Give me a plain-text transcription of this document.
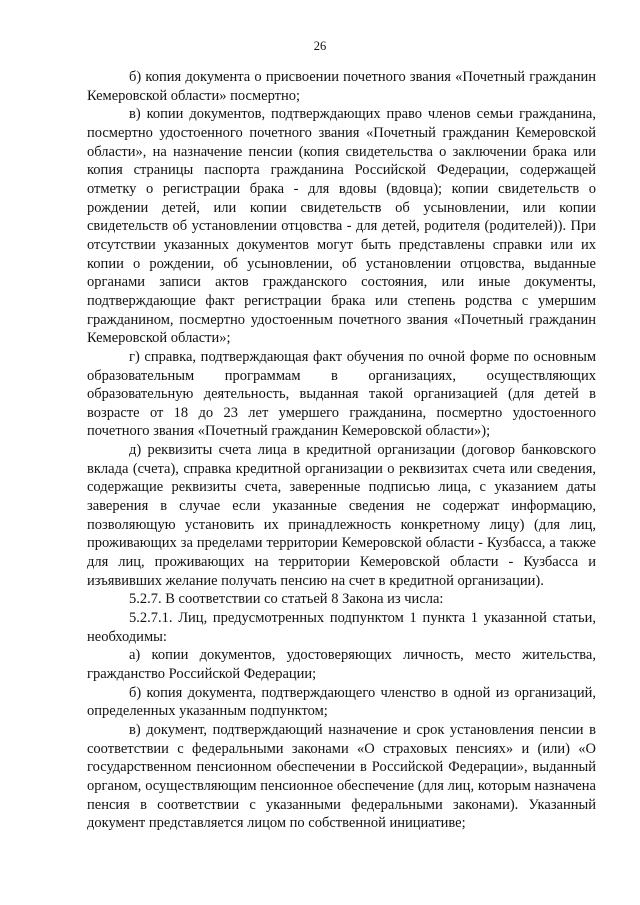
26

б) копия документа о присвоении почетного звания «Почетный гражданин Кемеровской области» посмертно;

в) копии документов, подтверждающих право членов семьи гражданина, посмертно удостоенного почетного звания «Почетный гражданин Кемеровской области», на назначение пенсии (копия свидетельства о заключении брака или копия страницы паспорта гражданина Российской Федерации, содержащей отметку о регистрации брака - для вдовы (вдовца); копии свидетельств о рождении детей, или копии свидетельств об усыновлении, или копии свидетельств об установлении отцовства - для детей, родителя (родителей)). При отсутствии указанных документов могут быть представлены справки или их копии о рождении, об усыновлении, об установлении отцовства, выданные органами записи актов гражданского состояния, или иные документы, подтверждающие факт регистрации брака или степень родства с умершим гражданином, посмертно удостоенным почетного звания «Почетный гражданин Кемеровской области»;

г) справка, подтверждающая факт обучения по очной форме по основным образовательным программам в организациях, осуществляющих образовательную деятельность, выданная такой организацией (для детей в возрасте от 18 до 23 лет умершего гражданина, посмертно удостоенного почетного звания «Почетный гражданин Кемеровской области»);

д) реквизиты счета лица в кредитной организации (договор банковского вклада (счета), справка кредитной организации о реквизитах счета или сведения, содержащие реквизиты счета, заверенные подписью лица, с указанием даты заверения в случае если указанные сведения не содержат информацию, позволяющую установить их принадлежность конкретному лицу) (для лиц, проживающих за пределами территории Кемеровской области - Кузбасса, а также для лиц, проживающих на территории Кемеровской области - Кузбасса и изъявивших желание получать пенсию на счет в кредитной организации).

5.2.7. В соответствии со статьей 8 Закона из числа:

5.2.7.1. Лиц, предусмотренных подпунктом 1 пункта 1 указанной статьи, необходимы:

а) копии документов, удостоверяющих личность, место жительства, гражданство Российской Федерации;

б) копия документа, подтверждающего членство в одной из организаций, определенных указанным подпунктом;

в) документ, подтверждающий назначение и срок установления пенсии в соответствии с федеральными законами «О страховых пенсиях» и (или) «О государственном пенсионном обеспечении в Российской Федерации», выданный органом, осуществляющим пенсионное обеспечение (для лиц, которым назначена пенсия в соответствии с указанными федеральными законами). Указанный документ представляется лицом по собственной инициативе;
